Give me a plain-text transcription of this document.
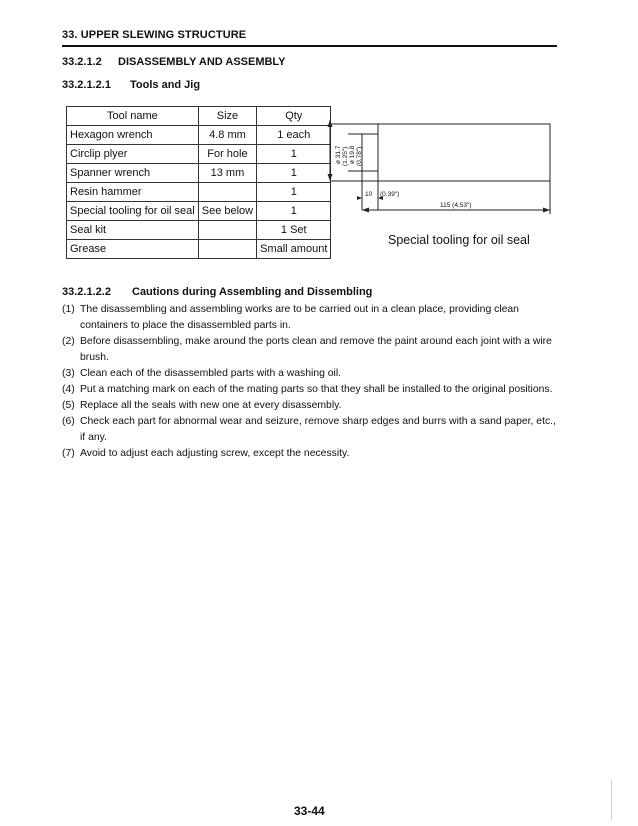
33. UPPER SLEWING STRUCTURE
33.2.1.2 DISASSEMBLY AND ASSEMBLY
33.2.1.2.1 Tools and Jig
Tool name	Size	Qty
Hexagon wrench	4.8 mm	1 each
Circlip plyer	For hole	1
Spanner wrench	13 mm	1
Resin hammer		1
Special tooling for oil seal	See below	1
Seal kit		1 Set
Grease		Small amount
ø 31.7 (1.25") ø 19.8 (0.78")
10 (0.39")
115 (4.53")
Special tooling for oil seal
33.2.1.2.2 Cautions during Assembling and Dissembling
(1) The disassembling and assembling works are to be carried out in a clean place, providing clean containers to place the disassembled parts in.
(2) Before disassembling, make around the ports clean and remove the paint around each joint with a wire brush.
(3) Clean each of the disassembled parts with a washing oil.
(4) Put a matching mark on each of the mating parts so that they shall be installed to the original positions.
(5) Replace all the seals with new one at every disassembly.
(6) Check each part for abnormal wear and seizure, remove sharp edges and burrs with a sand paper, etc., if any.
(7) Avoid to adjust each adjusting screw, except the necessity.
33-44
